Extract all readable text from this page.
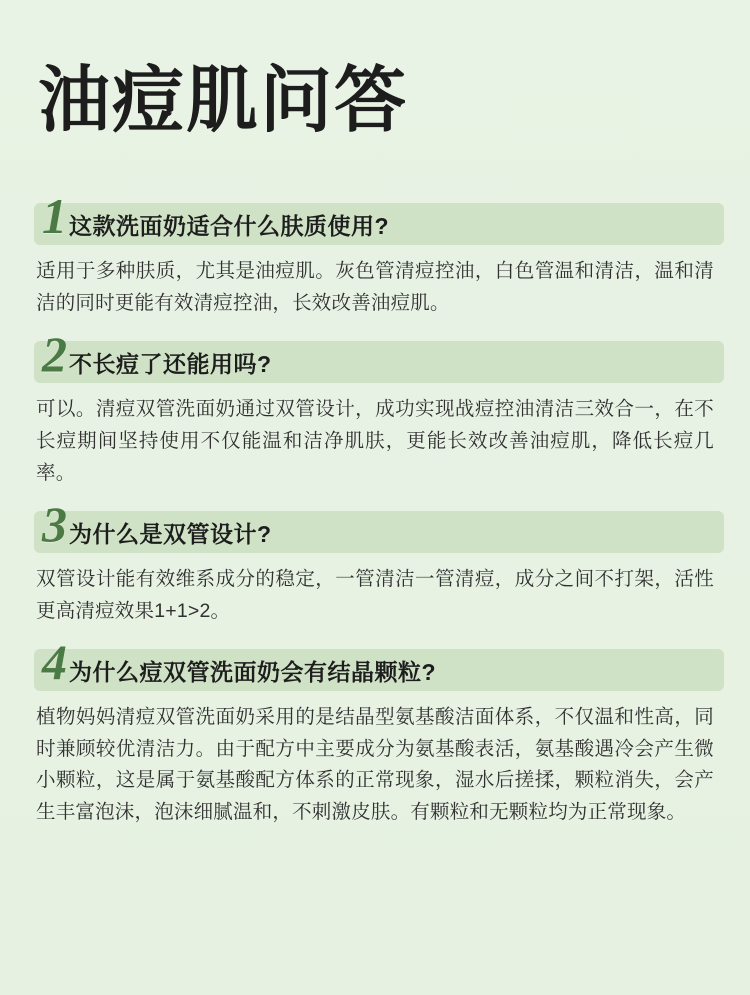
油痘肌问答
1 这款洗面奶适合什么肤质使用?

适用于多种肤质，尤其是油痘肌。灰色管清痘控油，白色管温和清洁，温和清洁的同时更能有效清痘控油，长效改善油痘肌。

2 不长痘了还能用吗?

可以。清痘双管洗面奶通过双管设计，成功实现战痘控油清洁三效合一，在不长痘期间坚持使用不仅能温和洁净肌肤，更能长效改善油痘肌，降低长痘几率。

3 为什么是双管设计?

双管设计能有效维系成分的稳定，一管清洁一管清痘，成分之间不打架，活性更高清痘效果1+1>2。

4 为什么痘双管洗面奶会有结晶颗粒?

植物妈妈清痘双管洗面奶采用的是结晶型氨基酸洁面体系，不仅温和性高，同时兼顾较优清洁力。由于配方中主要成分为氨基酸表活，氨基酸遇冷会产生微小颗粒，这是属于氨基酸配方体系的正常现象，湿水后搓揉，颗粒消失，会产生丰富泡沫，泡沫细腻温和，不刺激皮肤。有颗粒和无颗粒均为正常现象。
